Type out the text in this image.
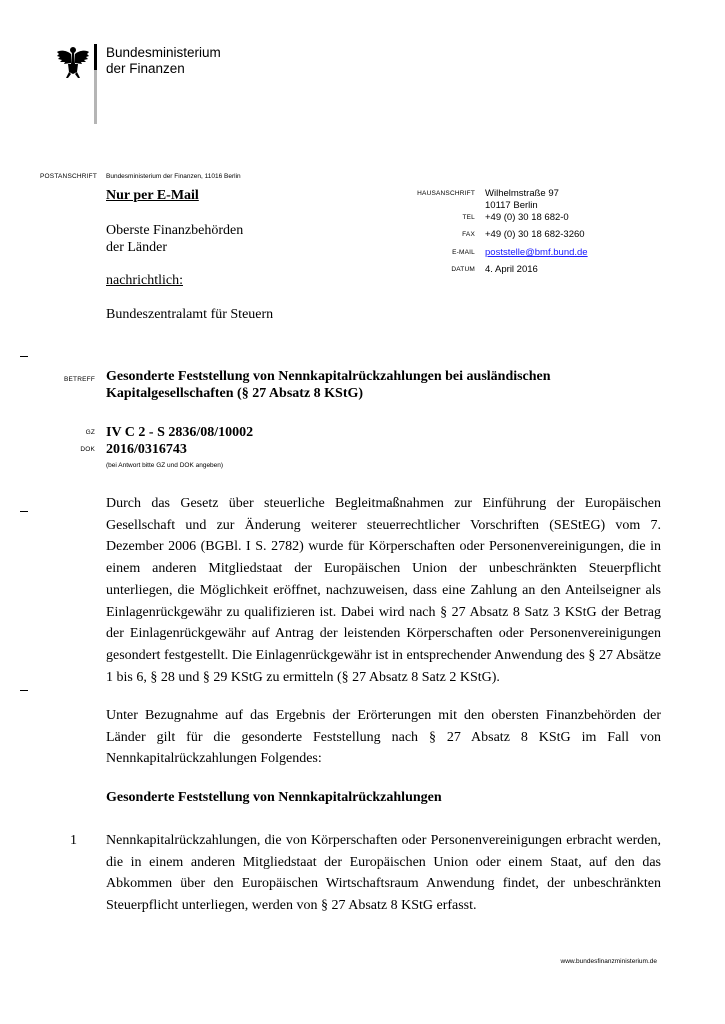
Bundesministerium
der Finanzen
POSTANSCHRIFT Bundesministerium der Finanzen, 11016 Berlin
Nur per E-Mail
Oberste Finanzbehörden
der Länder
nachrichtlich:
Bundeszentralamt für Steuern
HAUSANSCHRIFT Wilhelmstraße 97
10117 Berlin
TEL +49 (0) 30 18 682-0
FAX +49 (0) 30 18 682-3260
E-MAIL poststelle@bmf.bund.de
DATUM 4. April 2016
BETREFF Gesonderte Feststellung von Nennkapitalrückzahlungen bei ausländischen Kapitalgesellschaften (§ 27 Absatz 8 KStG)
GZ IV C 2 - S 2836/08/10002
DOK 2016/0316743
(bei Antwort bitte GZ und DOK angeben)
Durch das Gesetz über steuerliche Begleitmaßnahmen zur Einführung der Europäischen Gesellschaft und zur Änderung weiterer steuerrechtlicher Vorschriften (SEStEG) vom 7. Dezember 2006 (BGBl. I S. 2782) wurde für Körperschaften oder Personenvereinigungen, die in einem anderen Mitgliedstaat der Europäischen Union der unbeschränkten Steuerpflicht unterliegen, die Möglichkeit eröffnet, nachzuweisen, dass eine Zahlung an den Anteilseigner als Einlagenrückgewähr zu qualifizieren ist. Dabei wird nach § 27 Absatz 8 Satz 3 KStG der Betrag der Einlagenrückgewähr auf Antrag der leistenden Körperschaften oder Personenvereinigungen gesondert festgestellt. Die Einlagenrückgewähr ist in entsprechender Anwendung des § 27 Absätze 1 bis 6, § 28 und § 29 KStG zu ermitteln (§ 27 Absatz 8 Satz 2 KStG).
Unter Bezugnahme auf das Ergebnis der Erörterungen mit den obersten Finanzbehörden der Länder gilt für die gesonderte Feststellung nach § 27 Absatz 8 KStG im Fall von Nennkapitalrückzahlungen Folgendes:
Gesonderte Feststellung von Nennkapitalrückzahlungen
1 Nennkapitalrückzahlungen, die von Körperschaften oder Personenvereinigungen erbracht werden, die in einem anderen Mitgliedstaat der Europäischen Union oder einem Staat, auf den das Abkommen über den Europäischen Wirtschaftsraum Anwendung findet, der unbeschränkten Steuerpflicht unterliegen, werden von § 27 Absatz 8 KStG erfasst.
www.bundesfinanzministerium.de
